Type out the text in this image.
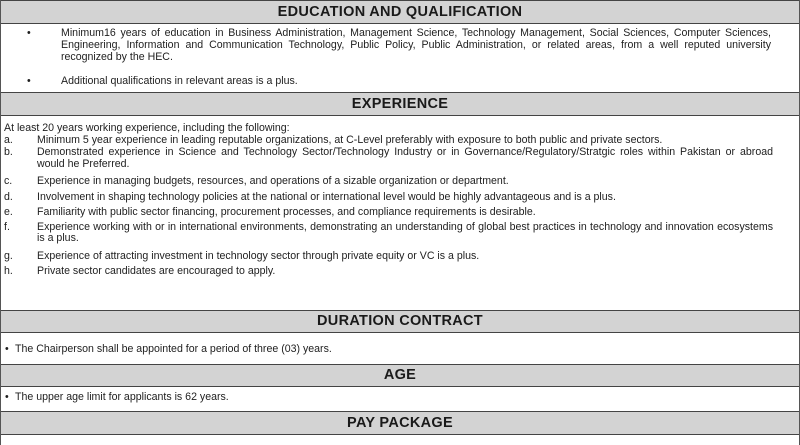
EDUCATION AND QUALIFICATION
•	Minimum16 years of education in Business Administration, Management Science, Technology Management, Social Sciences, Computer Sciences, Engineering, Information and Communication Technology, Public Policy, Public Administration, or related areas, from a well reputed university recognized by the HEC.
•	Additional qualifications in relevant areas is a plus.
EXPERIENCE
At least 20 years working experience, including the following:
a. Minimum 5 year experience in leading reputable organizations, at C-Level preferably with exposure to both public and private sectors.
b. Demonstrated experience in Science and Technology Sector/Technology Industry or in Governance/Regulatory/Stratgic roles within Pakistan or abroad would he Preferred.
c. Experience in managing budgets, resources, and operations of a sizable organization or department.
d. Involvement in shaping technology policies at the national or international level would be highly advantageous and is a plus.
e. Familiarity with public sector financing, procurement processes, and compliance requirements is desirable.
f.	Experience working with or in international environments, demonstrating an understanding of global best practices in technology and innovation ecosystems is a plus.
g. Experience of attracting investment in technology sector through private equity or VC is a plus.
h. Private sector candidates are encouraged to apply.
DURATION CONTRACT
• The Chairperson shall be appointed for a period of three (03) years.
AGE
• The upper age limit for applicants is 62 years.
PAY PACKAGE
